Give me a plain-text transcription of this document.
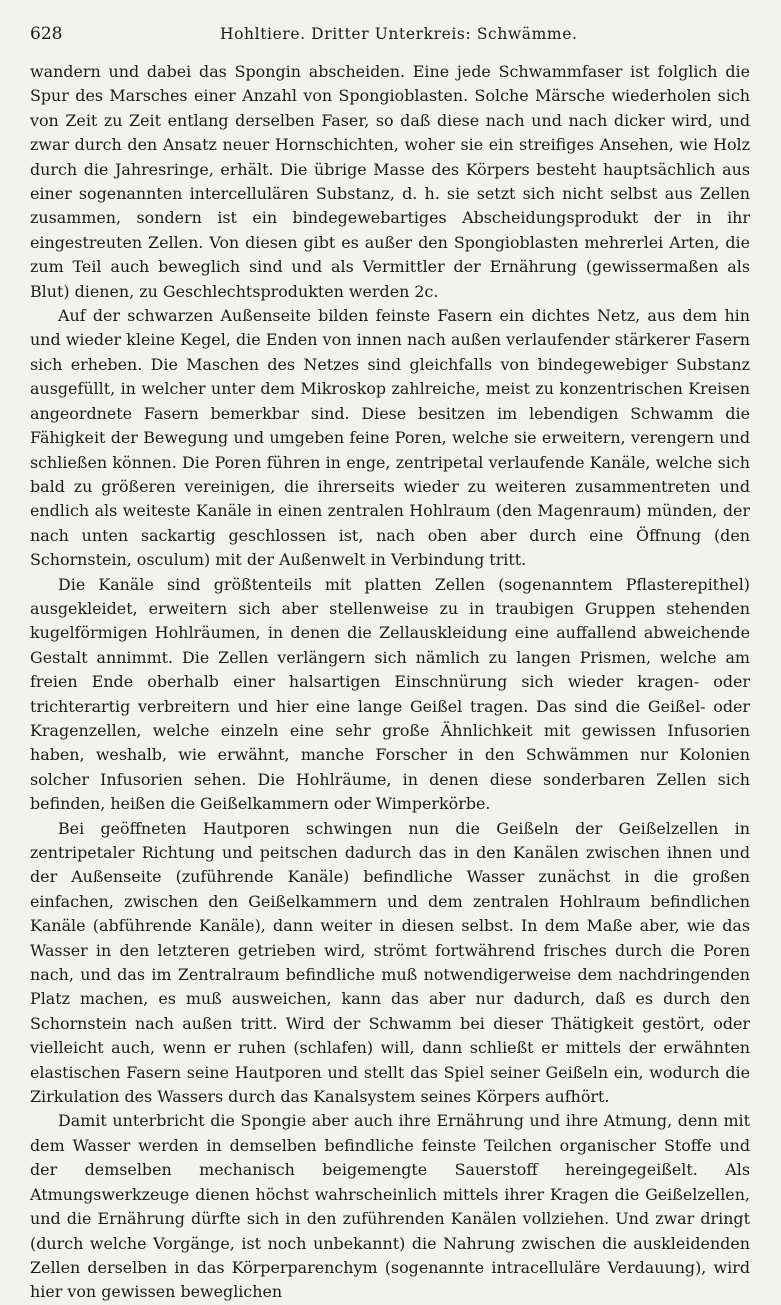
628	Hohltiere. Dritter Unterkreis: Schwämme.

wandern und dabei das Spongin abscheiden. Eine jede Schwammfaser ist folglich die Spur des Marsches einer Anzahl von Spongioblasten. Solche Märsche wiederholen sich von Zeit zu Zeit entlang derselben Faser, so daß diese nach und nach dicker wird, und zwar durch den Ansatz neuer Hornschichten, woher sie ein streifiges Ansehen, wie Holz durch die Jahresringe, erhält. Die übrige Masse des Körpers besteht hauptsächlich aus einer sogenannten intercellulären Substanz, d. h. sie setzt sich nicht selbst aus Zellen zusammen, sondern ist ein bindegewebartiges Abscheidungsprodukt der in ihr eingestreuten Zellen. Von diesen gibt es außer den Spongioblasten mehrerlei Arten, die zum Teil auch beweglich sind und als Vermittler der Ernährung (gewissermaßen als Blut) dienen, zu Geschlechtsprodukten werden 2c.

Auf der schwarzen Außenseite bilden feinste Fasern ein dichtes Netz, aus dem hin und wieder kleine Kegel, die Enden von innen nach außen verlaufender stärkerer Fasern sich erheben. Die Maschen des Netzes sind gleichfalls von bindegewebiger Substanz ausgefüllt, in welcher unter dem Mikroskop zahlreiche, meist zu konzentrischen Kreisen angeordnete Fasern bemerkbar sind. Diese besitzen im lebendigen Schwamm die Fähigkeit der Bewegung und umgeben feine Poren, welche sie erweitern, verengern und schließen können. Die Poren führen in enge, zentripetal verlaufende Kanäle, welche sich bald zu größeren vereinigen, die ihrerseits wieder zu weiteren zusammentreten und endlich als weiteste Kanäle in einen zentralen Hohlraum (den Magenraum) münden, der nach unten sackartig geschlossen ist, nach oben aber durch eine Öffnung (den Schornstein, osculum) mit der Außenwelt in Verbindung tritt.

Die Kanäle sind größtenteils mit platten Zellen (sogenanntem Pflasterepithel) ausgekleidet, erweitern sich aber stellenweise zu in traubigen Gruppen stehenden kugelförmigen Hohlräumen, in denen die Zellauskleidung eine auffallend abweichende Gestalt annimmt. Die Zellen verlängern sich nämlich zu langen Prismen, welche am freien Ende oberhalb einer halsartigen Einschnürung sich wieder kragen- oder trichterartig verbreitern und hier eine lange Geißel tragen. Das sind die Geißel- oder Kragenzellen, welche einzeln eine sehr große Ähnlichkeit mit gewissen Infusorien haben, weshalb, wie erwähnt, manche Forscher in den Schwämmen nur Kolonien solcher Infusorien sehen. Die Hohlräume, in denen diese sonderbaren Zellen sich befinden, heißen die Geißelkammern oder Wimperkörbe.

Bei geöffneten Hautporen schwingen nun die Geißeln der Geißelzellen in zentripetaler Richtung und peitschen dadurch das in den Kanälen zwischen ihnen und der Außenseite (zuführende Kanäle) befindliche Wasser zunächst in die großen einfachen, zwischen den Geißelkammern und dem zentralen Hohlraum befindlichen Kanäle (abführende Kanäle), dann weiter in diesen selbst. In dem Maße aber, wie das Wasser in den letzteren getrieben wird, strömt fortwährend frisches durch die Poren nach, und das im Zentralraum befindliche muß notwendigerweise dem nachdringenden Platz machen, es muß ausweichen, kann das aber nur dadurch, daß es durch den Schornstein nach außen tritt. Wird der Schwamm bei dieser Thätigkeit gestört, oder vielleicht auch, wenn er ruhen (schlafen) will, dann schließt er mittels der erwähnten elastischen Fasern seine Hautporen und stellt das Spiel seiner Geißeln ein, wodurch die Zirkulation des Wassers durch das Kanalsystem seines Körpers aufhört.

Damit unterbricht die Spongie aber auch ihre Ernährung und ihre Atmung, denn mit dem Wasser werden in demselben befindliche feinste Teilchen organischer Stoffe und der demselben mechanisch beigemengte Sauerstoff hereingegeißelt. Als Atmungswerkzeuge dienen höchst wahrscheinlich mittels ihrer Kragen die Geißelzellen, und die Ernährung dürfte sich in den zuführenden Kanälen vollziehen. Und zwar dringt (durch welche Vorgänge, ist noch unbekannt) die Nahrung zwischen die auskleidenden Zellen derselben in das Körperparenchym (sogenannte intracelluläre Verdauung), wird hier von gewissen beweglichen
